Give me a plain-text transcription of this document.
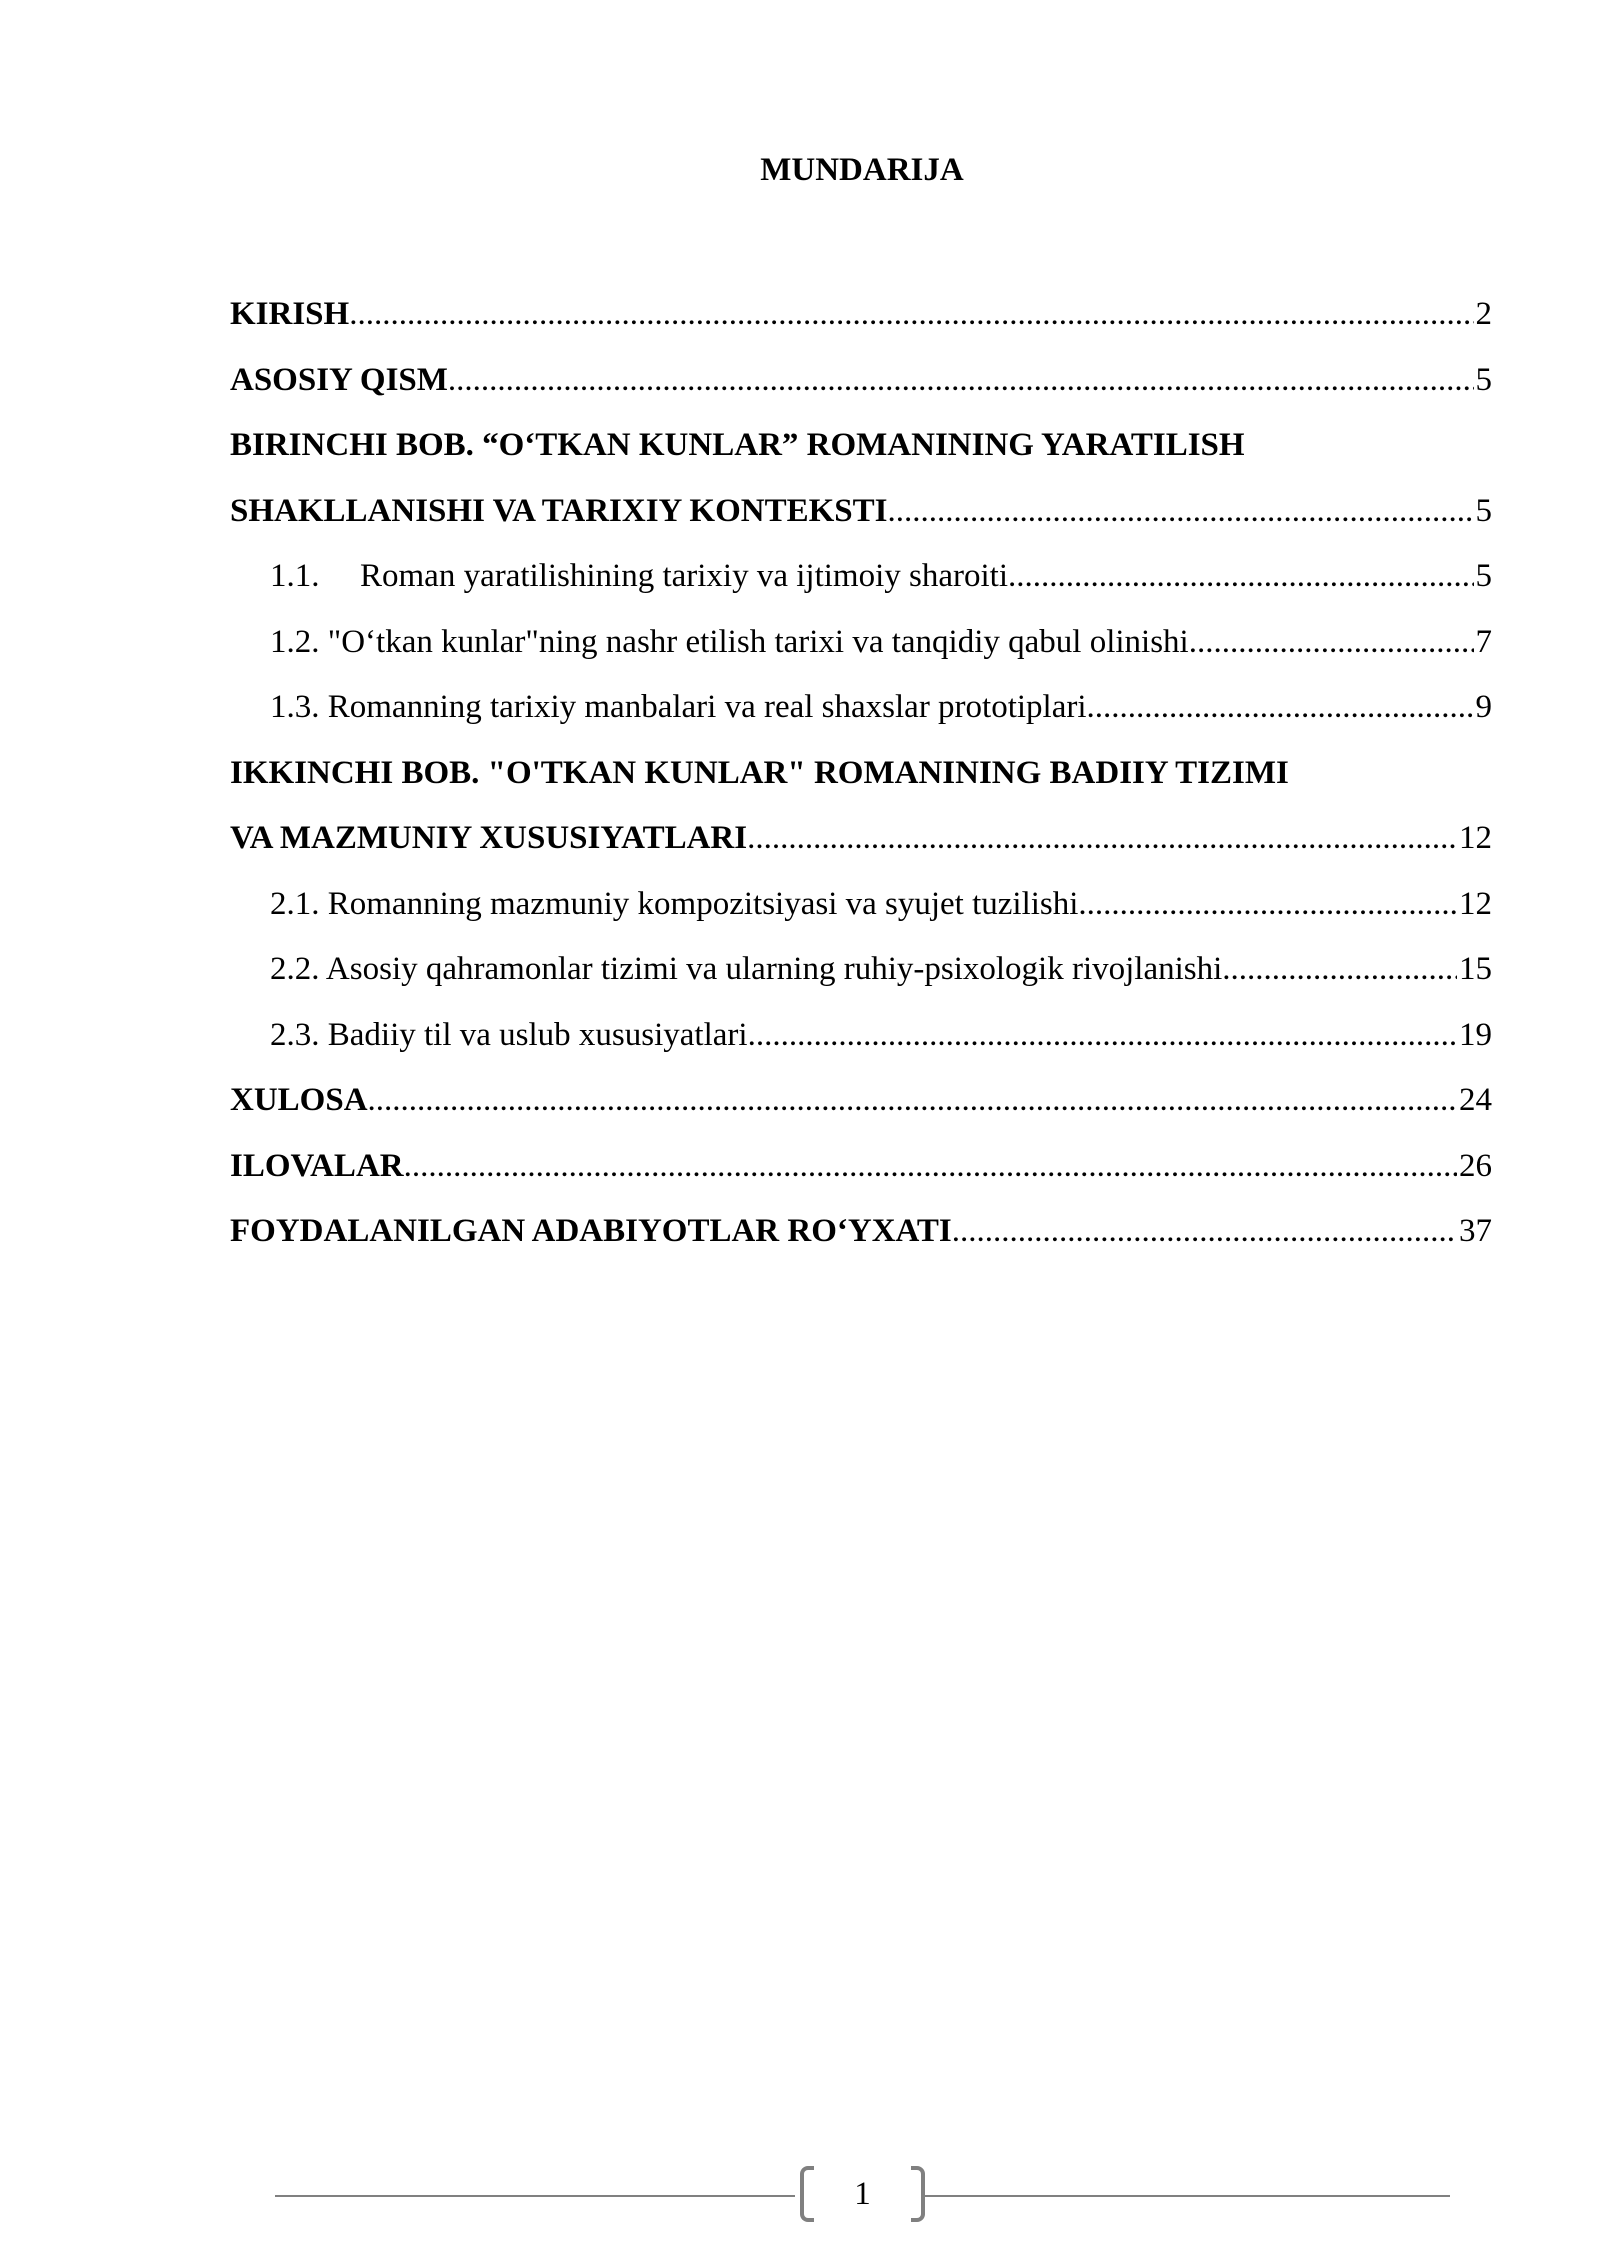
MUNDARIJA
KIRISH .....	2
ASOSIY QISM .....	5
BIRINCHI BOB. “O‘TKAN KUNLAR” ROMANINING YARATILISH
SHAKLLANISHI VA TARIXIY KONTEKSTI .....	5
1.1. Roman yaratilishining tarixiy va ijtimoiy sharoiti .....	5
1.2. "O‘tkan kunlar"ning nashr etilish tarixi va tanqidiy qabul olinishi .....	7
1.3. Romanning tarixiy manbalari va real shaxslar prototiplari .....	9
IKKINCHI BOB. "O'TKAN KUNLAR" ROMANINING BADIIY TIZIMI
VA MAZMUNIY XUSUSIYATLARI .....	12
2.1. Romanning mazmuniy kompozitsiyasi va syujet tuzilishi .....	12
2.2. Asosiy qahramonlar tizimi va ularning ruhiy-psixologik rivojlanishi .....	15
2.3. Badiiy til va uslub xususiyatlari .....	19
XULOSA .....	24
ILOVALAR .....	26
FOYDALANILGAN ADABIYOTLAR RO‘YXATI .....	37
1
